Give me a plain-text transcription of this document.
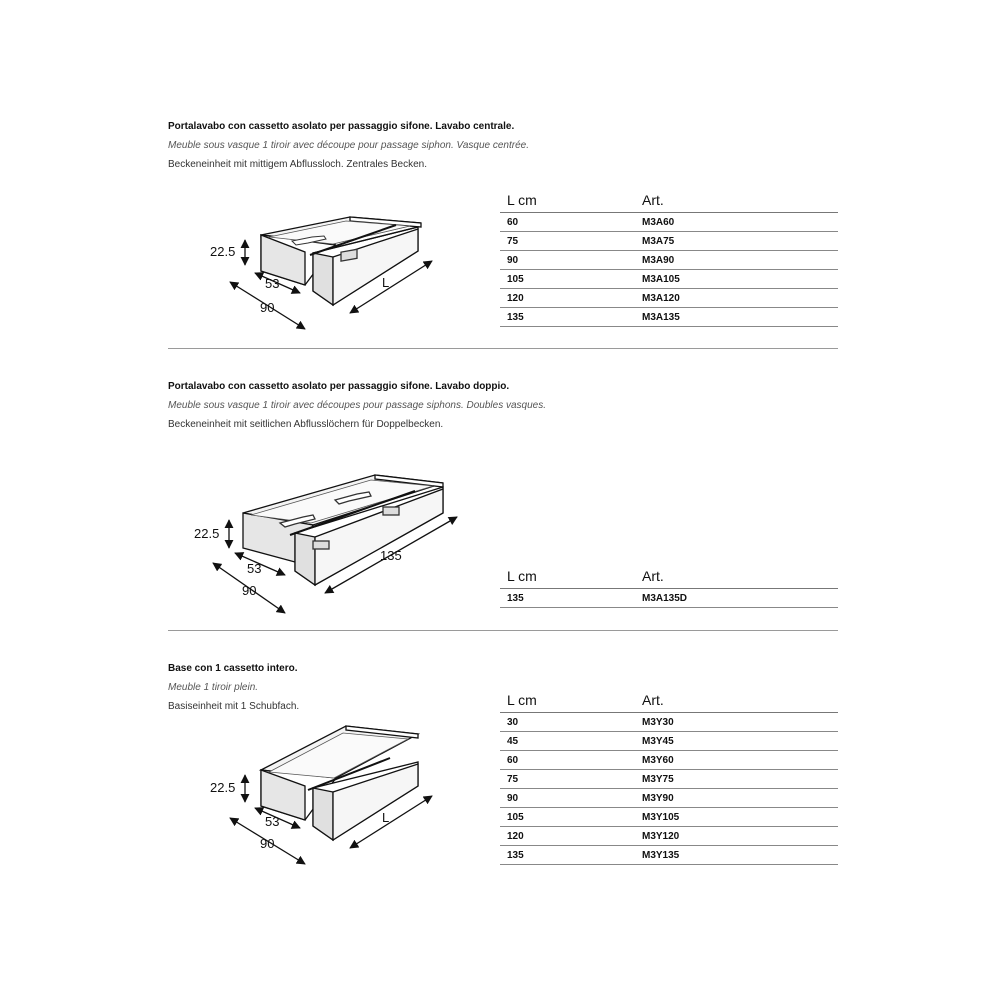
Portalavabo con cassetto asolato per passaggio sifone. Lavabo centrale.
Meuble sous vasque 1 tiroir avec découpe pour passage siphon. Vasque centrée.
Beckeneinheit mit mittigem Abflussloch. Zentrales Becken.
22.5
53
90
L
L cm	Art.
60	M3A60
75	M3A75
90	M3A90
105	M3A105
120	M3A120
135	M3A135
Portalavabo con cassetto asolato per passaggio sifone. Lavabo doppio.
Meuble sous vasque 1 tiroir avec découpes pour passage siphons. Doubles vasques.
Beckeneinheit mit seitlichen Abflusslöchern für Doppelbecken.
22.5
53
90
135
L cm	Art.
135	M3A135D
Base con 1 cassetto intero.
Meuble 1 tiroir plein.
Basiseinheit mit 1 Schubfach.
22.5
53
90
L
L cm	Art.
30	M3Y30
45	M3Y45
60	M3Y60
75	M3Y75
90	M3Y90
105	M3Y105
120	M3Y120
135	M3Y135
